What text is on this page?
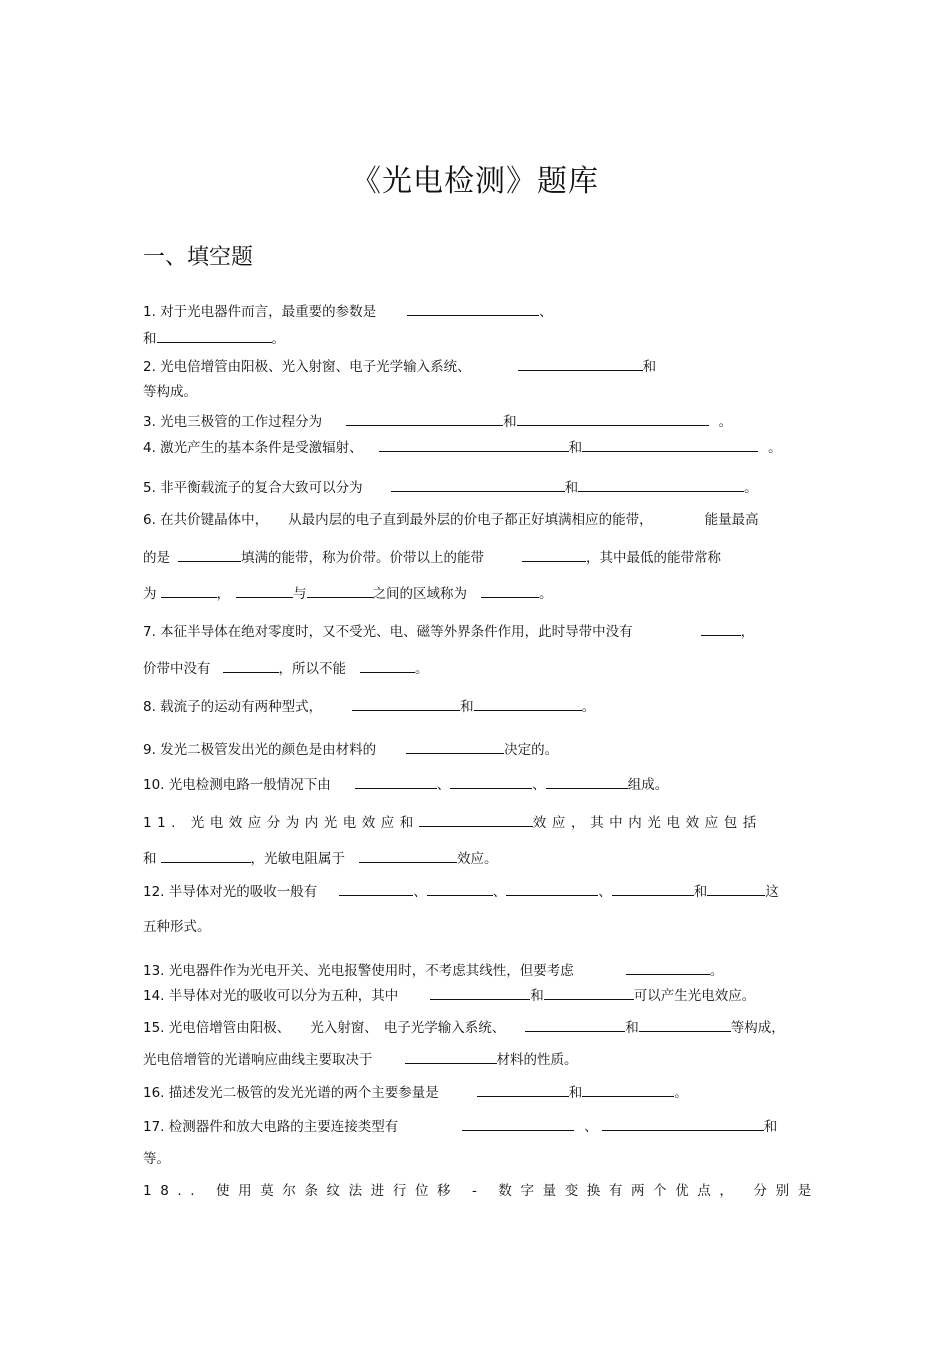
《光电检测》题库
一、填空题
1. 对于光电器件而言，最重要的参数是	、
和	。
2. 光电倍增管由阳极、光入射窗、电子光学输入系统、	和
等构成。
3. 光电三极管的工作过程分为	和	。
4. 激光产生的基本条件是受激辐射、	和	。
5. 非平衡载流子的复合大致可以分为	和	。
6. 在共价键晶体中， 从最内层的电子直到最外层的价电子都正好填满相应的能带，	能量最高
的是	填满的能带，称为价带。价带以上的能带	，其中最低的能带常称
为	，	与	之间的区域称为	。
7. 本征半导体在绝对零度时，又不受光、电、磁等外界条件作用，此时导带中没有	，
价带中没有	，所以不能	。
8. 载流子的运动有两种型式，	和	。
9. 发光二极管发出光的颜色是由材料的	决定的。
10. 光电检测电路一般情况下由	、	、	组成。
11. 光电效应分为内光电效应和	效应，其中内光电效应包括
和	，光敏电阻属于	效应。
12. 半导体对光的吸收一般有	、	、	、	和	这
五种形式。
13. 光电器件作为光电开关、光电报警使用时，不考虑其线性，但要考虑	。
14. 半导体对光的吸收可以分为五种，其中	和	可以产生光电效应。
15. 光电倍增管由阳极、 光入射窗、 电子光学输入系统、	和	等构成，
光电倍增管的光谱响应曲线主要取决于	材料的性质。
16. 描述发光二极管的发光光谱的两个主要参量是	和	。
17. 检测器件和放大电路的主要连接类型有	、	和
等。
18.. 使用莫尔条纹法进行位移 - 数字量变换有两个优点， 分别是
